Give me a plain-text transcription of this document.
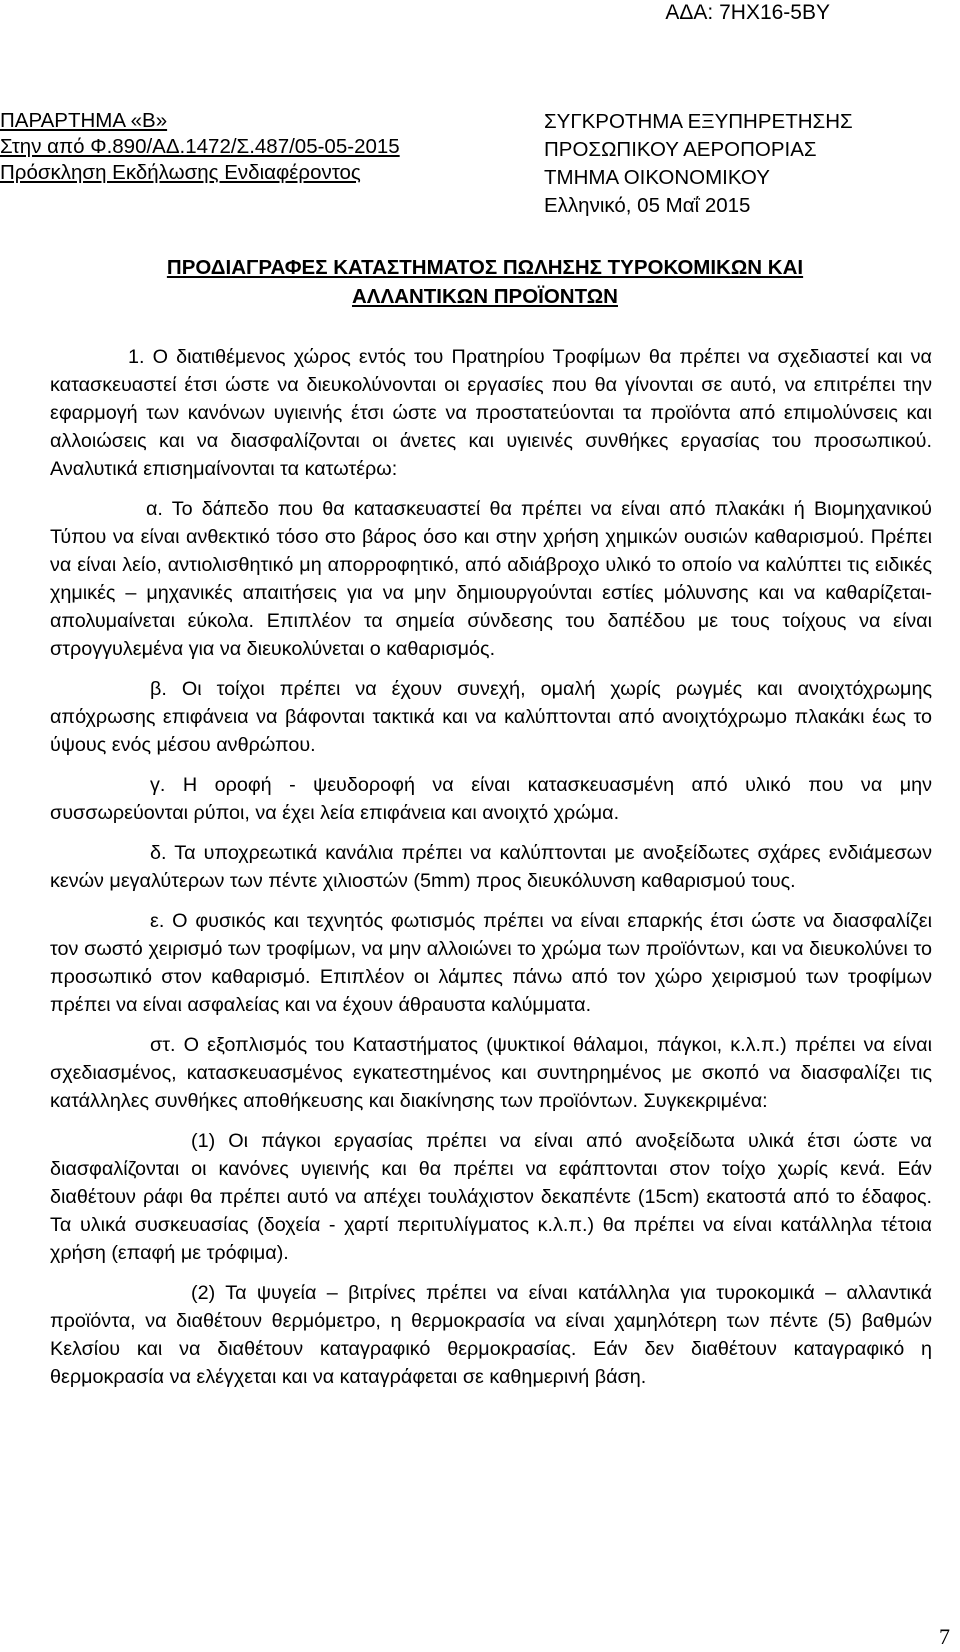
ΑΔΑ: 7ΗΧ16-5ΒΥ
ΠΑΡΑΡΤΗΜΑ «Β»
Στην από Φ.890/ΑΔ.1472/Σ.487/05-05-2015
Πρόσκληση Εκδήλωσης Ενδιαφέροντος
ΣΥΓΚΡΟΤΗΜΑ ΕΞΥΠΗΡΕΤΗΣΗΣ
ΠΡΟΣΩΠΙΚΟΥ ΑΕΡΟΠΟΡΙΑΣ
ΤΜΗΜΑ ΟΙΚΟΝΟΜΙΚΟΥ
Ελληνικό, 05 Μαΐ 2015
ΠΡΟΔΙΑΓΡΑΦΕΣ ΚΑΤΑΣΤΗΜΑΤΟΣ ΠΩΛΗΣΗΣ ΤΥΡΟΚΟΜΙΚΩΝ ΚΑΙ
ΑΛΛΑΝΤΙΚΩΝ ΠΡΟΪΟΝΤΩΝ

1. Ο διατιθέμενος χώρος εντός του Πρατηρίου Τροφίμων θα πρέπει να σχεδιαστεί και να κατασκευαστεί έτσι ώστε να διευκολύνονται οι εργασίες που θα γίνονται σε αυτό, να επιτρέπει την εφαρμογή των κανόνων υγιεινής έτσι ώστε να προστατεύονται τα προϊόντα από επιμολύνσεις και αλλοιώσεις και να διασφαλίζονται οι άνετες και υγιεινές συνθήκες εργασίας του προσωπικού. Αναλυτικά επισημαίνονται τα κατωτέρω:

α. Το δάπεδο που θα κατασκευαστεί θα πρέπει να είναι από πλακάκι ή Βιομηχανικού Τύπου να είναι ανθεκτικό τόσο στο βάρος όσο και στην χρήση χημικών ουσιών καθαρισμού. Πρέπει να είναι λείο, αντιολισθητικό μη απορροφητικό, από αδιάβροχο υλικό το οποίο να καλύπτει τις ειδικές χημικές – μηχανικές απαιτήσεις για να μην δημιουργούνται εστίες μόλυνσης και να καθαρίζεται- απολυμαίνεται εύκολα. Επιπλέον τα σημεία σύνδεσης του δαπέδου με τους τοίχους να είναι στρογγυλεμένα για να διευκολύνεται ο καθαρισμός.

β. Οι τοίχοι πρέπει να έχουν συνεχή, ομαλή χωρίς ρωγμές και ανοιχτόχρωμης απόχρωσης επιφάνεια να βάφονται τακτικά και να καλύπτονται από ανοιχτόχρωμο πλακάκι έως το ύψους ενός μέσου ανθρώπου.

γ. Η οροφή - ψευδοροφή να είναι κατασκευασμένη από υλικό που να μην συσσωρεύονται ρύποι, να έχει λεία επιφάνεια και ανοιχτό χρώμα.

δ. Τα υποχρεωτικά κανάλια πρέπει να καλύπτονται με ανοξείδωτες σχάρες ενδιάμεσων κενών μεγαλύτερων των πέντε χιλιοστών (5mm) προς διευκόλυνση καθαρισμού τους.

ε. Ο φυσικός και τεχνητός φωτισμός πρέπει να είναι επαρκής έτσι ώστε να διασφαλίζει τον σωστό χειρισμό των τροφίμων, να μην αλλοιώνει το χρώμα των προϊόντων, και να διευκολύνει το προσωπικό στον καθαρισμό. Επιπλέον οι λάμπες πάνω από τον χώρο χειρισμού των τροφίμων πρέπει να είναι ασφαλείας και να έχουν άθραυστα καλύμματα.

στ. Ο εξοπλισμός του Καταστήματος (ψυκτικοί θάλαμοι, πάγκοι, κ.λ.π.) πρέπει να είναι σχεδιασμένος, κατασκευασμένος εγκατεστημένος και συντηρημένος με σκοπό να διασφαλίζει τις κατάλληλες συνθήκες αποθήκευσης και διακίνησης των προϊόντων. Συγκεκριμένα:

(1) Οι πάγκοι εργασίας πρέπει να είναι από ανοξείδωτα υλικά έτσι ώστε να διασφαλίζονται οι κανόνες υγιεινής και θα πρέπει να εφάπτονται στον τοίχο χωρίς κενά. Εάν διαθέτουν ράφι θα πρέπει αυτό να απέχει τουλάχιστον δεκαπέντε (15cm) εκατοστά από το έδαφος. Τα υλικά συσκευασίας (δοχεία - χαρτί περιτυλίγματος κ.λ.π.) θα πρέπει να είναι κατάλληλα τέτοια χρήση (επαφή με τρόφιμα).

(2) Τα ψυγεία – βιτρίνες πρέπει να είναι κατάλληλα για τυροκομικά – αλλαντικά προϊόντα, να διαθέτουν θερμόμετρο, η θερμοκρασία να είναι χαμηλότερη των πέντε (5) βαθμών Κελσίου και να διαθέτουν καταγραφικό θερμοκρασίας. Εάν δεν διαθέτουν καταγραφικό η θερμοκρασία να ελέγχεται και να καταγράφεται σε καθημερινή βάση.

7
